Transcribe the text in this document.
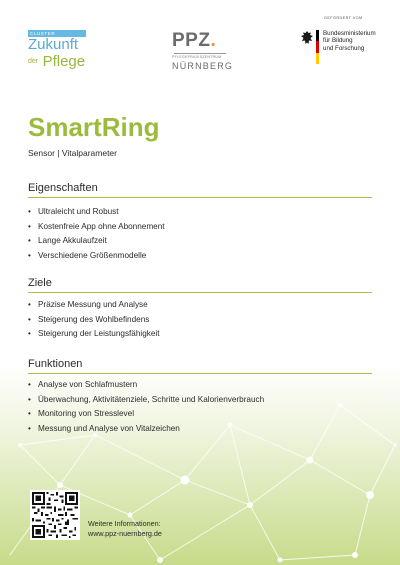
CLUSTER
Zukunft
$^{der}$ Pflege
PPZ.
PFLEGEPRAXISZENTRUM
NÜRNBERG
GEFÖRDERT VOM
Bundesministerium
für Bildung
und Forschung
SmartRing
Sensor | Vitalparameter
Eigenschaften
• Ultraleicht und Robust
• Kostenfreie App ohne Abonnement
• Lange Akkulaufzeit
• Verschiedene Größenmodelle
Ziele
• Präzise Messung und Analyse
• Steigerung des Wohlbefindens
• Steigerung der Leistungsfähigkeit
Funktionen
• Analyse von Schlafmustern
• Überwachung, Aktivitätenziele, Schritte und Kalorienverbrauch
• Monitoring von Stresslevel
• Messung und Analyse von Vitalzeichen
Weitere Informationen:
www.ppz-nuernberg.de
